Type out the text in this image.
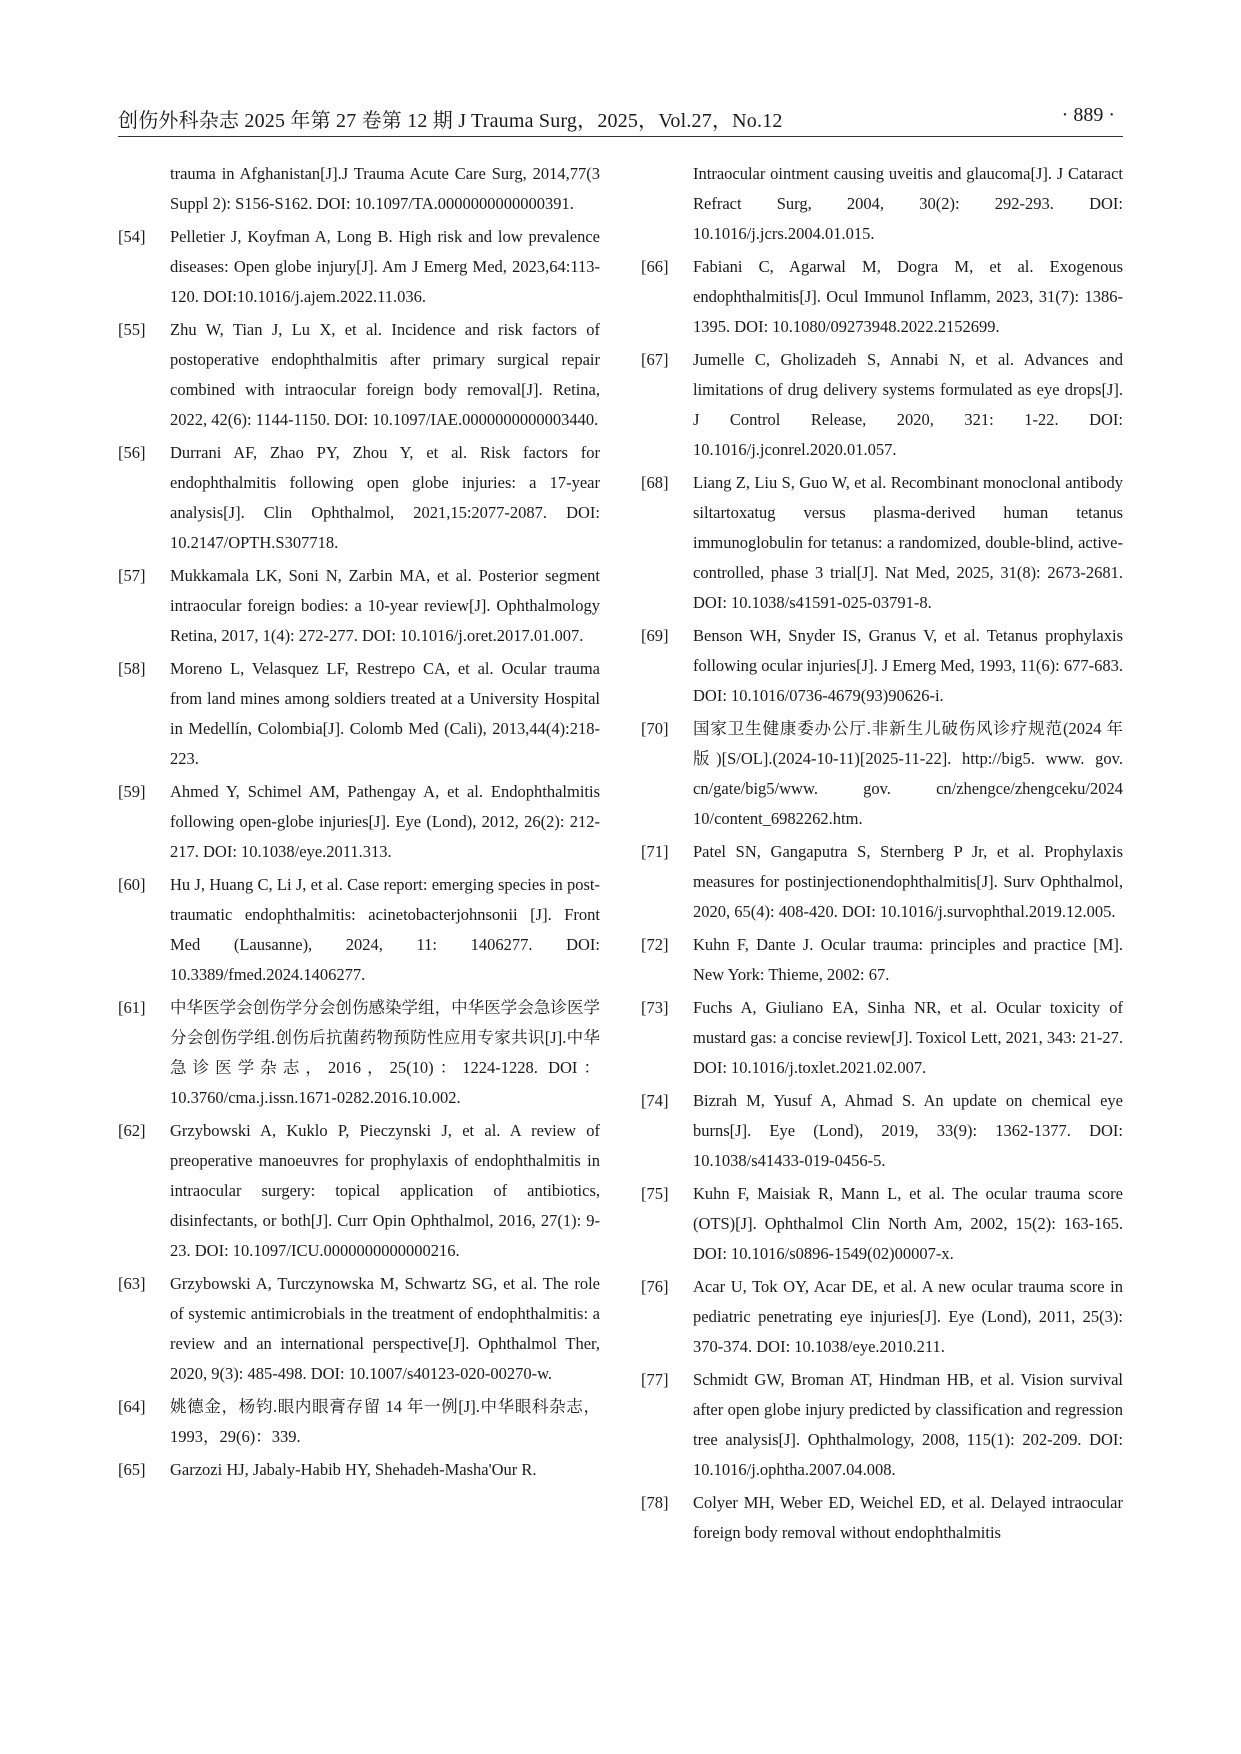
创伤外科杂志 2025 年第 27 卷第 12 期 J Trauma Surg，2025，Vol.27，No.12	· 889 ·
trauma in Afghanistan[J].J Trauma Acute Care Surg, 2014,77(3 Suppl 2): S156-S162. DOI: 10.1097/TA.0000000000000391.
[54]	Pelletier J, Koyfman A, Long B. High risk and low prevalence diseases: Open globe injury[J]. Am J Emerg Med, 2023,64:113-120. DOI:10.1016/j.ajem.2022.11.036.
[55]	Zhu W, Tian J, Lu X, et al. Incidence and risk factors of postoperative endophthalmitis after primary surgical repair combined with intraocular foreign body removal[J]. Retina, 2022, 42(6): 1144-1150. DOI: 10.1097/IAE.0000000000003440.
[56]	Durrani AF, Zhao PY, Zhou Y, et al. Risk factors for endophthalmitis following open globe injuries: a 17-year analysis[J]. Clin Ophthalmol, 2021,15:2077-2087. DOI: 10.2147/OPTH.S307718.
[57]	Mukkamala LK, Soni N, Zarbin MA, et al. Posterior segment intraocular foreign bodies: a 10-year review[J]. Ophthalmology Retina, 2017, 1(4): 272-277. DOI: 10.1016/j.oret.2017.01.007.
[58]	Moreno L, Velasquez LF, Restrepo CA, et al. Ocular trauma from land mines among soldiers treated at a University Hospital in Medellín, Colombia[J]. Colomb Med (Cali), 2013,44(4):218-223.
[59]	Ahmed Y, Schimel AM, Pathengay A, et al. Endophthalmitis following open-globe injuries[J]. Eye (Lond), 2012, 26(2): 212-217. DOI: 10.1038/eye.2011.313.
[60]	Hu J, Huang C, Li J, et al. Case report: emerging species in post-traumatic endophthalmitis: acinetobacterjohnsonii [J]. Front Med (Lausanne), 2024, 11: 1406277. DOI: 10.3389/fmed.2024.1406277.
[61]	中华医学会创伤学分会创伤感染学组，中华医学会急诊医学分会创伤学组.创伤后抗菌药物预防性应用专家共识[J].中华急诊医学杂志，2016，25(10)：1224-1228. DOI：10.3760/cma.j.issn.1671-0282.2016.10.002.
[62]	Grzybowski A, Kuklo P, Pieczynski J, et al. A review of preoperative manoeuvres for prophylaxis of endophthalmitis in intraocular surgery: topical application of antibiotics, disinfectants, or both[J]. Curr Opin Ophthalmol, 2016, 27(1): 9-23. DOI: 10.1097/ICU.0000000000000216.
[63]	Grzybowski A, Turczynowska M, Schwartz SG, et al. The role of systemic antimicrobials in the treatment of endophthalmitis: a review and an international perspective[J]. Ophthalmol Ther, 2020, 9(3): 485-498. DOI: 10.1007/s40123-020-00270-w.
[64]	姚德金，杨钧.眼内眼膏存留 14 年一例[J].中华眼科杂志，1993，29(6)：339.
[65]	Garzozi HJ, Jabaly-Habib HY, Shehadeh-Masha'Our R.
Intraocular ointment causing uveitis and glaucoma[J]. J Cataract Refract Surg, 2004, 30(2): 292-293. DOI: 10.1016/j.jcrs.2004.01.015.
[66]	Fabiani C, Agarwal M, Dogra M, et al. Exogenous endophthalmitis[J]. Ocul Immunol Inflamm, 2023, 31(7): 1386-1395. DOI: 10.1080/09273948.2022.2152699.
[67]	Jumelle C, Gholizadeh S, Annabi N, et al. Advances and limitations of drug delivery systems formulated as eye drops[J]. J Control Release, 2020, 321: 1-22. DOI: 10.1016/j.jconrel.2020.01.057.
[68]	Liang Z, Liu S, Guo W, et al. Recombinant monoclonal antibody siltartoxatug versus plasma-derived human tetanus immunoglobulin for tetanus: a randomized, double-blind, active-controlled, phase 3 trial[J]. Nat Med, 2025, 31(8): 2673-2681. DOI: 10.1038/s41591-025-03791-8.
[69]	Benson WH, Snyder IS, Granus V, et al. Tetanus prophylaxis following ocular injuries[J]. J Emerg Med, 1993, 11(6): 677-683. DOI: 10.1016/0736-4679(93)90626-i.
[70]	国家卫生健康委办公厅.非新生儿破伤风诊疗规范(2024 年版)[S/OL].(2024-10-11)[2025-11-22]. http://big5. www. gov. cn/gate/big5/www. gov. cn/zhengce/zhengceku/2024 10/content_6982262.htm.
[71]	Patel SN, Gangaputra S, Sternberg P Jr, et al. Prophylaxis measures for postinjectionendophthalmitis[J]. Surv Ophthalmol, 2020, 65(4): 408-420. DOI: 10.1016/j.survophthal.2019.12.005.
[72]	Kuhn F, Dante J. Ocular trauma: principles and practice [M]. New York: Thieme, 2002: 67.
[73]	Fuchs A, Giuliano EA, Sinha NR, et al. Ocular toxicity of mustard gas: a concise review[J]. Toxicol Lett, 2021, 343: 21-27. DOI: 10.1016/j.toxlet.2021.02.007.
[74]	Bizrah M, Yusuf A, Ahmad S. An update on chemical eye burns[J]. Eye (Lond), 2019, 33(9): 1362-1377. DOI: 10.1038/s41433-019-0456-5.
[75]	Kuhn F, Maisiak R, Mann L, et al. The ocular trauma score (OTS)[J]. Ophthalmol Clin North Am, 2002, 15(2): 163-165. DOI: 10.1016/s0896-1549(02)00007-x.
[76]	Acar U, Tok OY, Acar DE, et al. A new ocular trauma score in pediatric penetrating eye injuries[J]. Eye (Lond), 2011, 25(3): 370-374. DOI: 10.1038/eye.2010.211.
[77]	Schmidt GW, Broman AT, Hindman HB, et al. Vision survival after open globe injury predicted by classification and regression tree analysis[J]. Ophthalmology, 2008, 115(1): 202-209. DOI: 10.1016/j.ophtha.2007.04.008.
[78]	Colyer MH, Weber ED, Weichel ED, et al. Delayed intraocular foreign body removal without endophthalmitis
